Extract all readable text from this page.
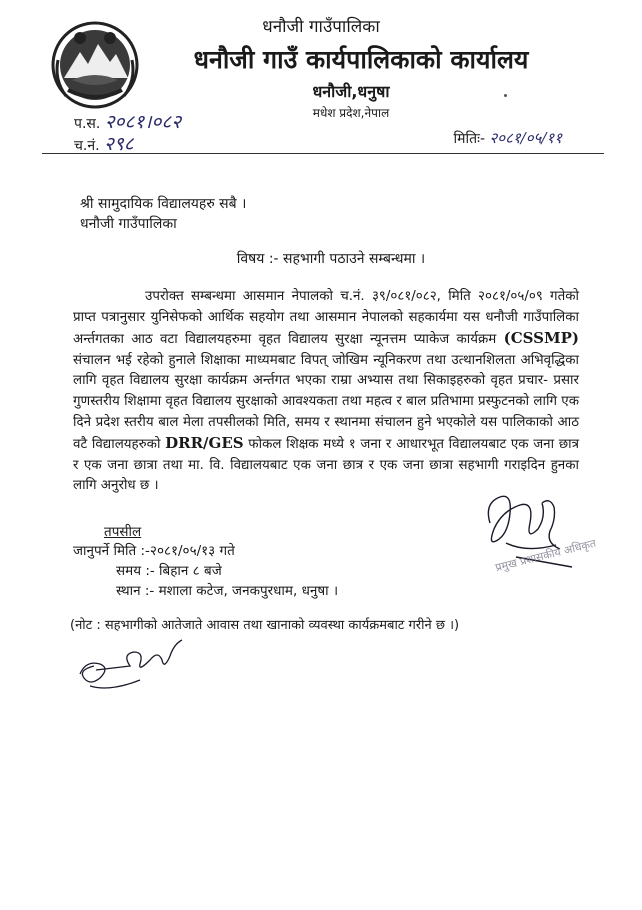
धनौजी गाउँपालिका
धनौजी गाउँ कार्यपालिकाको कार्यालय
धनौजी,धनुषा
मधेश प्रदेश,नेपाल
प.स. २०८१।०८२
च.नं. २९८	मितिः- २०८१/०५/११
श्री सामुदायिक विद्यालयहरु सबै ।
धनौजी गाउँपालिका
विषय :- सहभागी पठाउने सम्बन्धमा ।
उपरोक्त सम्बन्धमा आसमान नेपालको च.नं. ३९/०८१/०८२, मिति २०८१/०५/०९ गतेको प्राप्त पत्रानुसार युनिसेफको आर्थिक सहयोग तथा आसमान नेपालको सहकार्यमा यस धनौजी गाउँपालिका अर्न्तगतका आठ वटा विद्यालयहरुमा वृहत विद्यालय सुरक्षा न्यूनत्तम प्याकेज कार्यक्रम (CSSMP) संचालन भई रहेको हुनाले शिक्षाका माध्यमबाट विपत् जोखिम न्यूनिकरण तथा उत्थानशिलता अभिवृद्धिका लागि वृहत विद्यालय सुरक्षा कार्यक्रम अर्न्तगत भएका राम्रा अभ्यास तथा सिकाइहरुको वृहत प्रचार- प्रसार गुणस्तरीय शिक्षामा वृहत विद्यालय सुरक्षाको आवश्यकता तथा महत्व र बाल प्रतिभामा प्रस्फुटनको लागि एक दिने प्रदेश स्तरीय बाल मेला तपसीलको मिति, समय र स्थानमा संचालन हुने भएकोले यस पालिकाको आठ वटै विद्यालयहरुको DRR/GES फोकल शिक्षक मध्ये १ जना र आधारभूत विद्यालयबाट एक जना छात्र र एक जना छात्रा तथा मा. वि. विद्यालयबाट एक जना छात्र र एक जना छात्रा सहभागी गराइदिन हुनका लागि अनुरोध छ ।
तपसील
जानुपर्ने मिति :-२०८१/०५/१३ गते
समय :- बिहान ८ बजे
स्थान :- मशाला कटेज, जनकपुरधाम, धनुषा ।
प्रमुख प्रशासकीय अधिकृत
(नोट : सहभागीको आतेजाते आवास तथा खानाको व्यवस्था कार्यक्रमबाट गरीने छ ।)
